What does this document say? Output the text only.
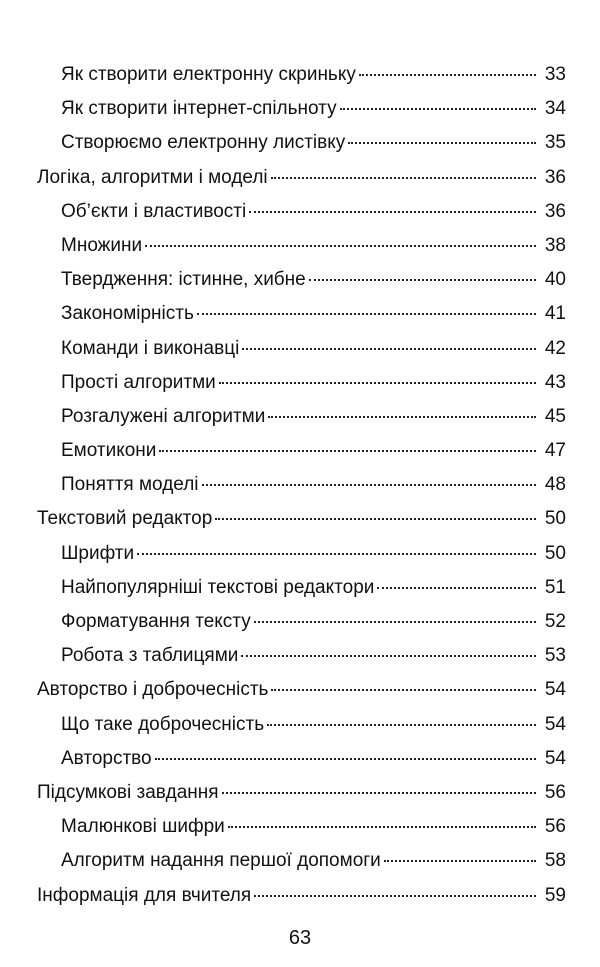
Як створити електронну скриньку	33
Як створити інтернет-спільноту	34
Створюємо електронну листівку	35
Логіка, алгоритми і моделі	36
Об’єкти і властивості	36
Множини	38
Твердження: істинне, хибне	40
Закономірність	41
Команди і виконавці	42
Прості алгоритми	43
Розгалужені алгоритми	45
Емотикони	47
Поняття моделі	48
Текстовий редактор	50
Шрифти	50
Найпопулярніші текстові редактори	51
Форматування тексту	52
Робота з таблицями	53
Авторство і доброчесність	54
Що таке доброчесність	54
Авторство	54
Підсумкові завдання	56
Малюнкові шифри	56
Алгоритм надання першої допомоги	58
Інформація для вчителя	59
63
